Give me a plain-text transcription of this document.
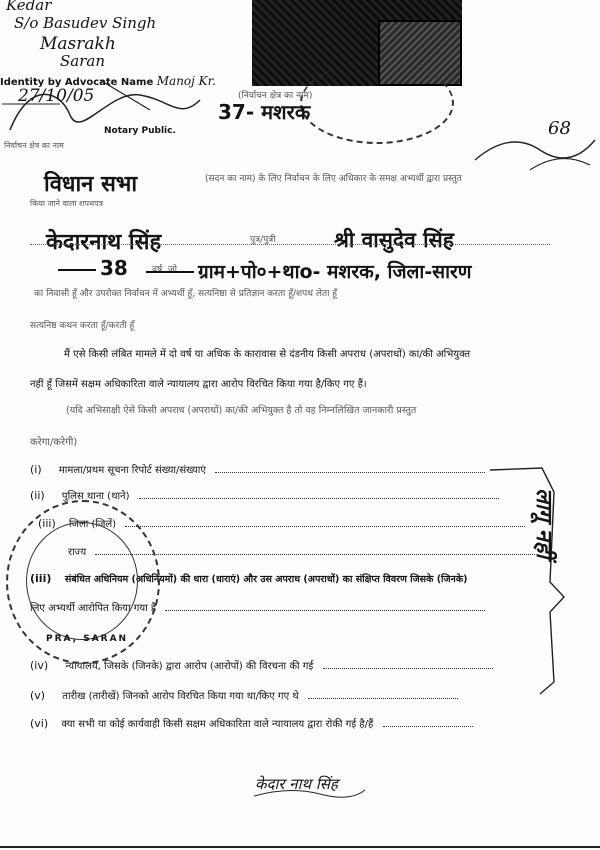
Kedar
S/o Basudev Singh
Masrakh
Saran
Identity by Advocate Name Manoj Kr.
27/10/05
Notary Public.
निर्वाचन क्षेत्र का नाम
(निर्वाचन क्षेत्र का नाम)
37- मशरक
68
विधान सभा	(सदन का नाम) के लिए निर्वाचन के लिए अधिकार के समक्ष अभ्यर्थी द्वारा प्रस्तुत
किया जाने वाला शपथपत्र
केदारनाथ सिंह	पुत्र/पुत्री	श्री वासुदेव सिंह
38	वर्ष, जो ग्राम+पो०+थाo- मशरक, जिला-सारण
का निवासी हूँ और उपरोक्त निर्वाचन में अभ्यर्थी हूँ, सत्यनिष्ठा से प्रतिज्ञान करता हूँ/शपथ लेता हूँ
सत्यनिष्ठ कथन करता हूँ/करती हूँ
मैं एसे किसी लंबित मामले में दो वर्ष या अधिक के कारावास से दंडनीय किसी अपराध (अपराधों) का/की अभियुक्त
नहीं हूँ जिसमें सक्षम अधिकारिता वाले न्यायालय द्वारा आरोप विरचित किया गया है/किए गए हैं।
(यदि अभिसाक्षी ऐसे किसी अपराध (अपराधों) का/की अभियुक्त है तो वह निम्नलिखित जानकारी प्रस्तुत
करेगा/करेगी)
(i) मामला/प्रथम सूचना रिपोर्ट संख्या/संख्याएं
(ii) पुलिस थाना (थाने)
(iii) जिला (जिलें)
राज्य
(iii) संबंधित अधिनियम (अधिनियमों) की धारा (धाराएं) और उस अपराध (अपराधों) का संक्षिप्त विवरण जिसके (जिनके)
लिए अभ्यर्थी आरोपित किया गया है
(iv) न्यायालय, जिसके (जिनके) द्वारा आरोप (आरोपों) की विरचना की गई
(v) तारीख (तारीखें) जिनको आरोप विरचित किया गया था/किए गए थे
(vi) क्या सभी या कोई कार्यवाही किसी सक्षम अधिकारिता वाले न्यायालय द्वारा रोकी गई है/हैं
लागू नहीं
PRA, SARAN
केदार नाथ सिंह
